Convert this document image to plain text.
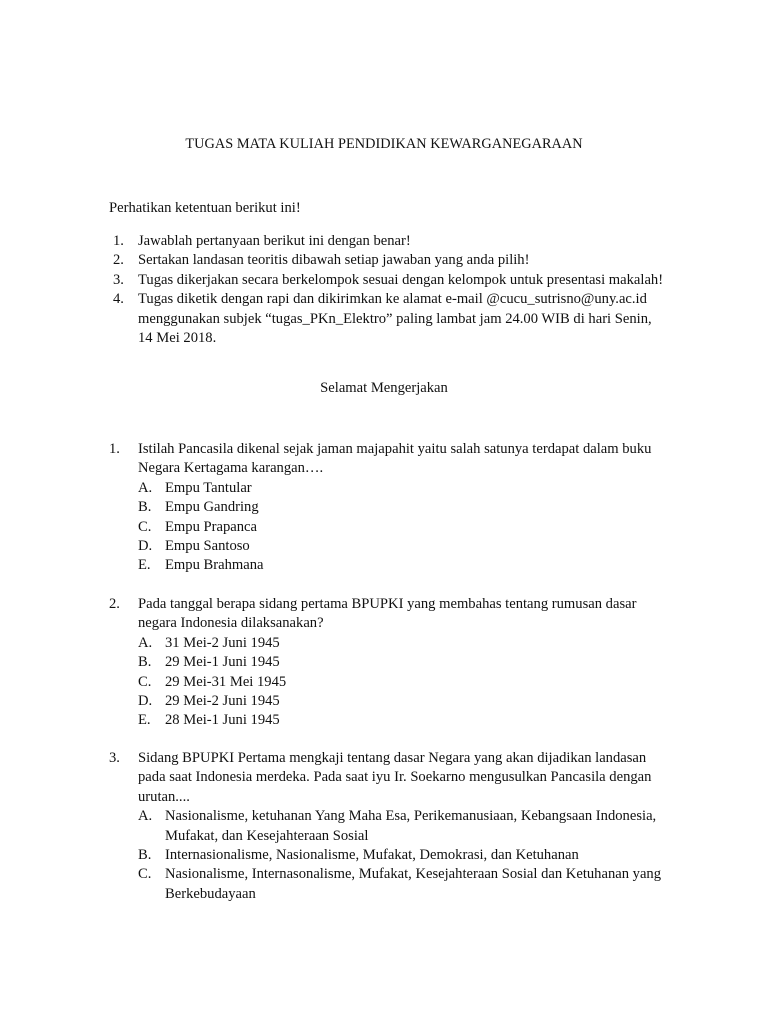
TUGAS MATA KULIAH PENDIDIKAN KEWARGANEGARAAN
Perhatikan ketentuan berikut ini!
1. Jawablah pertanyaan berikut ini dengan benar!
2. Sertakan landasan teoritis dibawah setiap jawaban yang anda pilih!
3. Tugas dikerjakan secara berkelompok sesuai dengan kelompok untuk presentasi makalah!
4. Tugas diketik dengan rapi dan dikirimkan ke alamat e-mail @cucu_sutrisno@uny.ac.id menggunakan subjek “tugas_PKn_Elektro” paling lambat jam 24.00 WIB di hari Senin, 14 Mei 2018.
Selamat Mengerjakan
1. Istilah Pancasila dikenal sejak jaman majapahit yaitu salah satunya terdapat dalam buku Negara Kertagama karangan….
A. Empu Tantular
B. Empu Gandring
C. Empu Prapanca
D. Empu Santoso
E. Empu Brahmana
2. Pada tanggal berapa sidang pertama BPUPKI yang membahas tentang rumusan dasar negara Indonesia dilaksanakan?
A. 31 Mei-2 Juni 1945
B. 29 Mei-1 Juni 1945
C. 29 Mei-31 Mei 1945
D. 29 Mei-2 Juni 1945
E. 28 Mei-1 Juni 1945
3. Sidang BPUPKI Pertama mengkaji tentang dasar Negara yang akan dijadikan landasan pada saat Indonesia merdeka. Pada saat iyu Ir. Soekarno mengusulkan Pancasila dengan urutan....
A. Nasionalisme, ketuhanan Yang Maha Esa, Perikemanusiaan, Kebangsaan Indonesia, Mufakat, dan Kesejahteraan Sosial
B. Internasionalisme, Nasionalisme, Mufakat, Demokrasi, dan Ketuhanan
C. Nasionalisme, Internasonalisme, Mufakat, Kesejahteraan Sosial dan Ketuhanan yang Berkebudayaan
